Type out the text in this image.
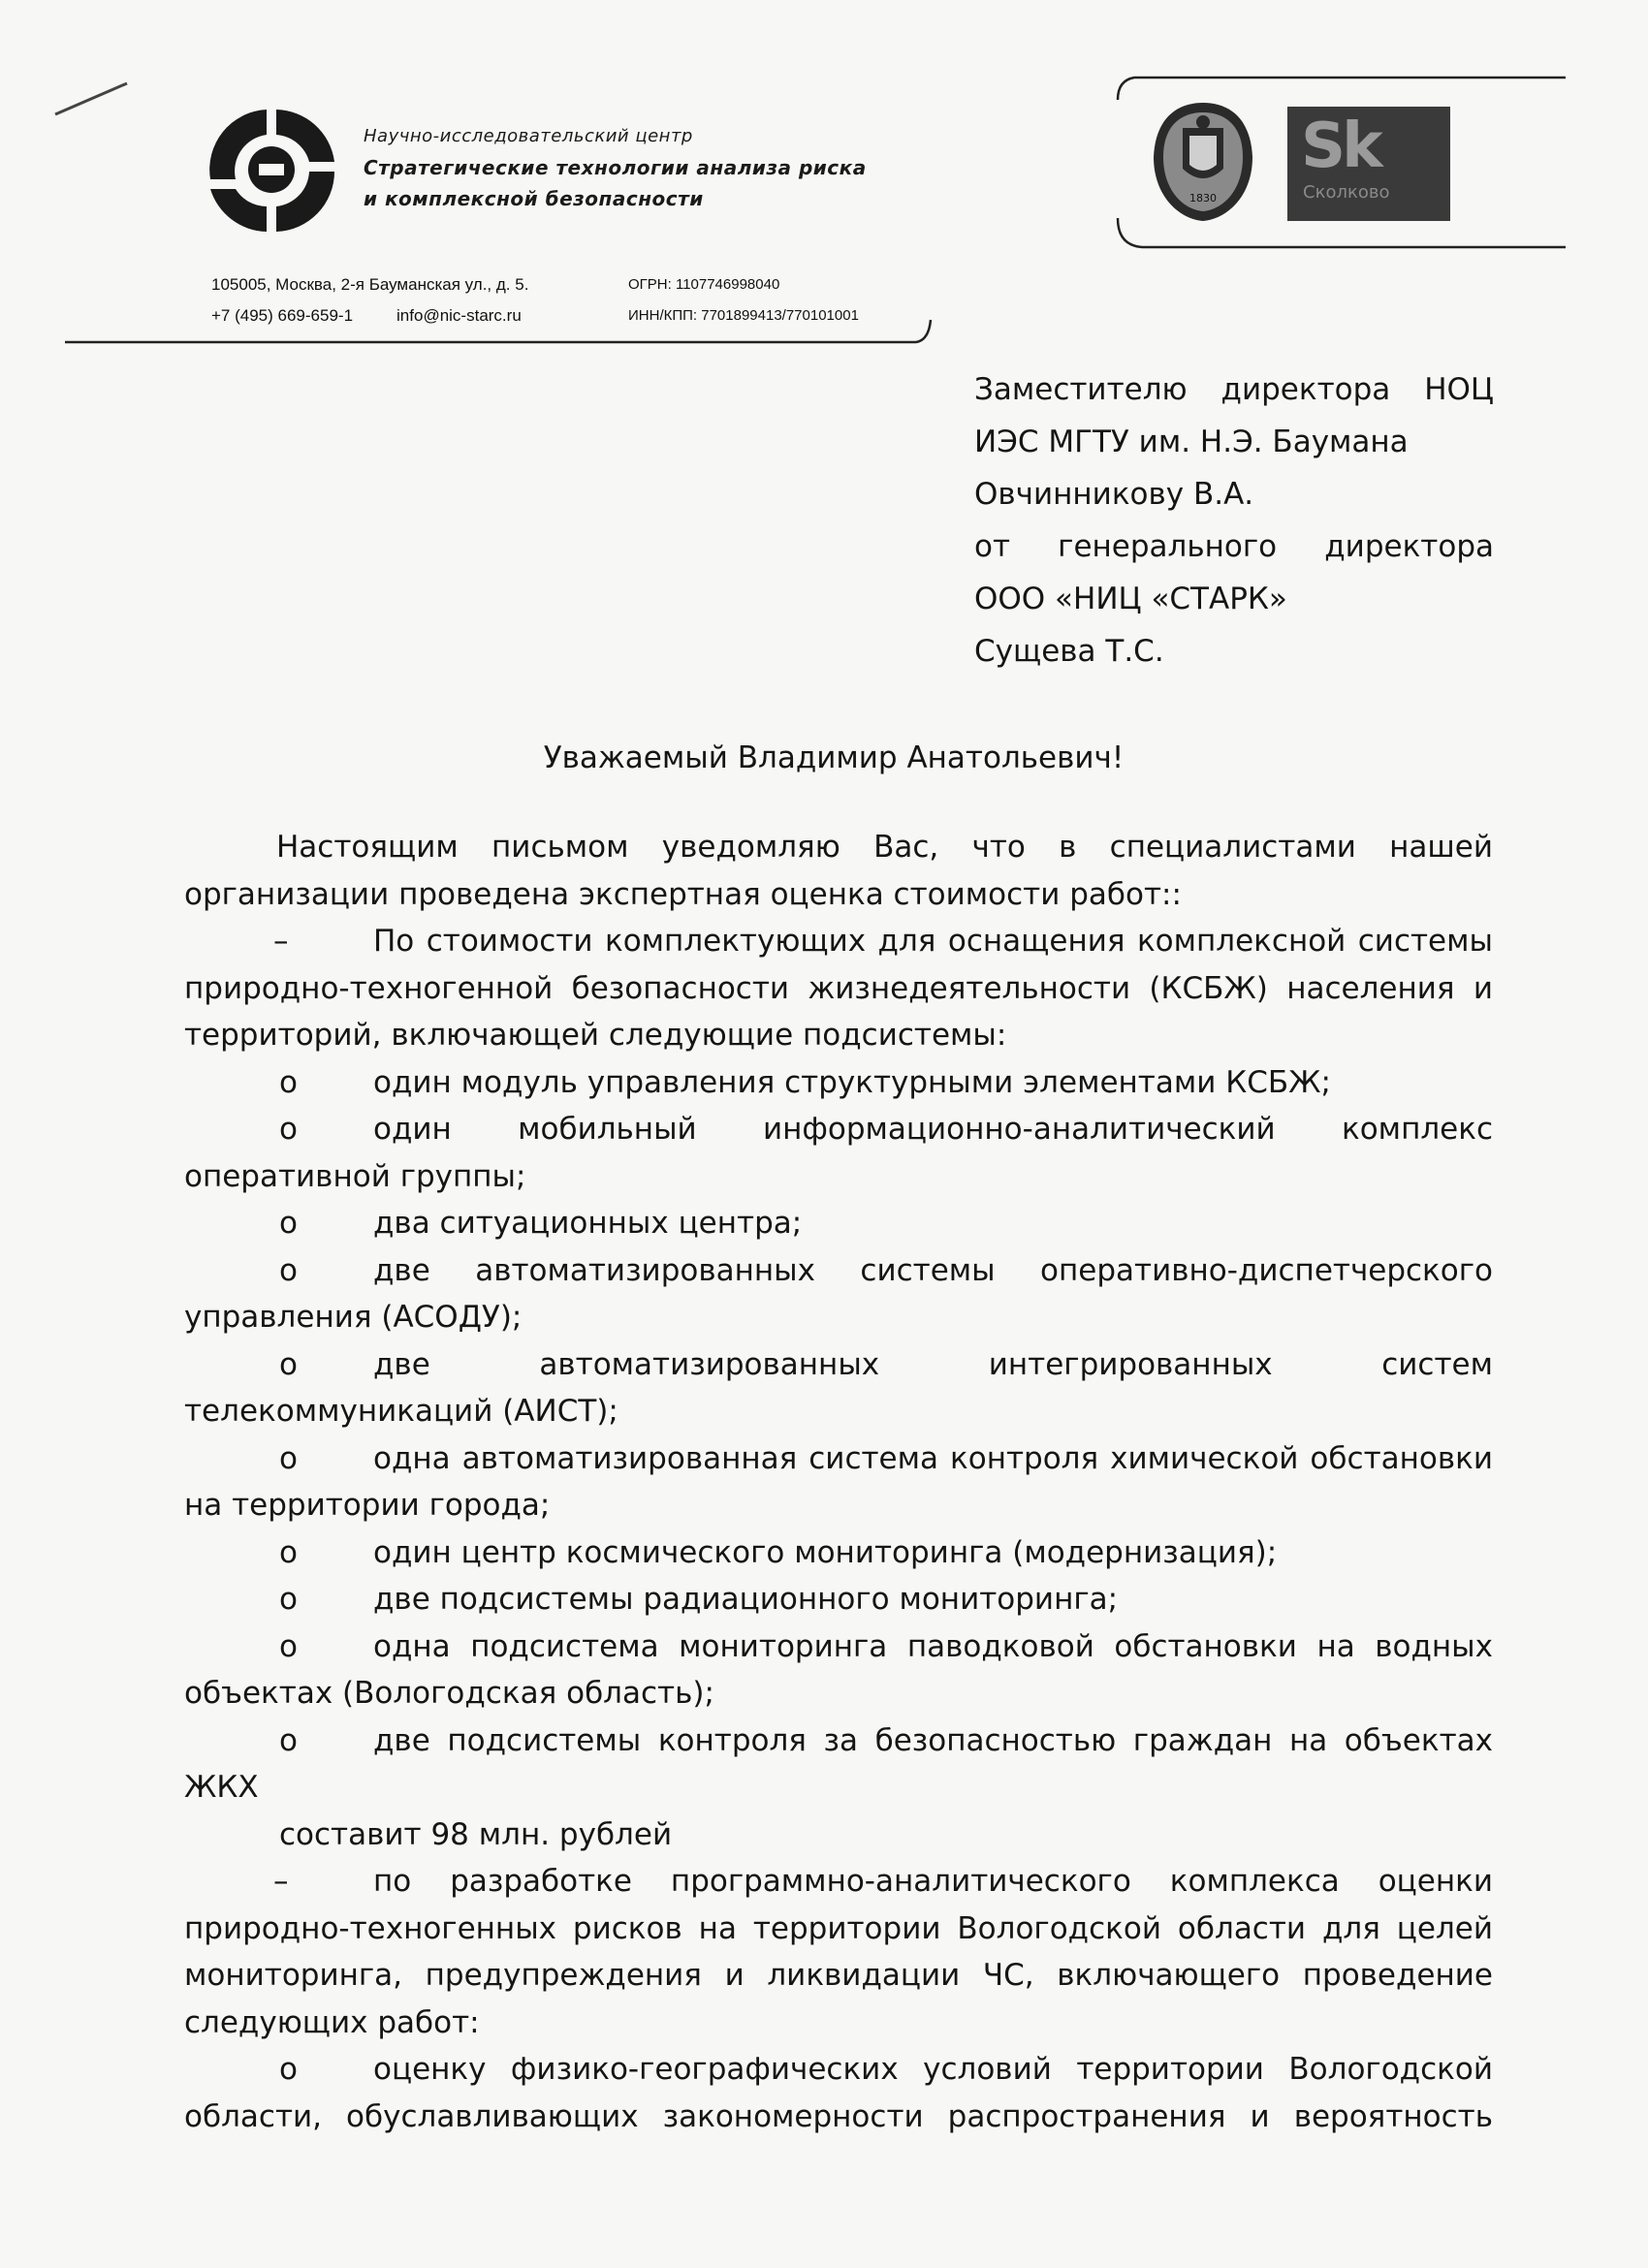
Научно-исследовательский центр
Стратегические технологии анализа риска
и комплексной безопасности
105005, Москва, 2-я Бауманская ул., д. 5.	ОГРН: 1107746998040
+7 (495) 669-659-1	info@nic-starc.ru	ИНН/КПП: 7701899413/770101001
1830
Sk
Сколково
Заместителю директора НОЦ
ИЭС МГТУ им. Н.Э. Баумана
Овчинникову В.А.
от генерального директора
ООО «НИЦ «СТАРК»
Сущева Т.С.
Уважаемый Владимир Анатольевич!

Настоящим письмом уведомляю Вас, что в специалистами нашей организации проведена экспертная оценка стоимости работ::

–	По стоимости комплектующих для оснащения комплексной системы природно-техногенной безопасности жизнедеятельности (КСБЖ) населения и территорий, включающей следующие подсистемы:

o	один модуль управления структурными элементами КСБЖ;

o	один мобильный информационно-аналитический комплекс оперативной группы;

o	два ситуационных центра;

o	две автоматизированных системы оперативно-диспетчерского управления (АСОДУ);

o	две автоматизированных интегрированных систем телекоммуникаций (АИСТ);

o	одна автоматизированная система контроля химической обстановки на территории города;

o	один центр космического мониторинга (модернизация);

o	две подсистемы радиационного мониторинга;

o	одна подсистема мониторинга паводковой обстановки на водных объектах (Вологодская область);

o	две подсистемы контроля за безопасностью граждан на объектах ЖКХ

составит 98 млн. рублей

–	по разработке программно-аналитического комплекса оценки природно-техногенных рисков на территории Вологодской области для целей мониторинга, предупреждения и ликвидации ЧС, включающего проведение следующих работ:

o	оценку физико-географических условий территории Вологодской области, обуславливающих закономерности распространения и вероятность
